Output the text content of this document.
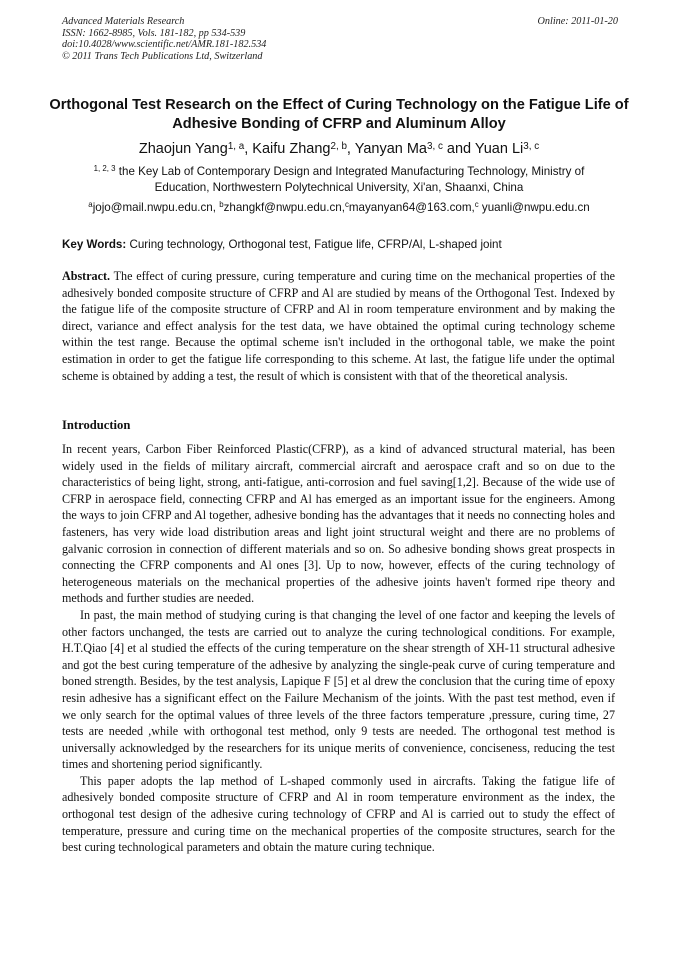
Advanced Materials Research
ISSN: 1662-8985, Vols. 181-182, pp 534-539
doi:10.4028/www.scientific.net/AMR.181-182.534
© 2011 Trans Tech Publications Ltd, Switzerland
Online: 2011-01-20
Orthogonal Test Research on the Effect of Curing Technology on the Fatigue Life of Adhesive Bonding of CFRP and Aluminum Alloy
Zhaojun Yang$^{1, a}$, Kaifu Zhang$^{2, b}$, Yanyan Ma$^{3, c}$ and Yuan Li$^{3, c}$
$^{1, 2, 3}$ the Key Lab of Contemporary Design and Integrated Manufacturing Technology, Ministry of Education, Northwestern Polytechnical University, Xi'an, Shaanxi, China
$^a$jojo@mail.nwpu.edu.cn, $^b$zhangkf@nwpu.edu.cn,$^c$mayanyan64@163.com,$^c$ yuanli@nwpu.edu.cn
Key Words: Curing technology, Orthogonal test, Fatigue life, CFRP/Al, L-shaped joint

Abstract. The effect of curing pressure, curing temperature and curing time on the mechanical properties of the adhesively bonded composite structure of CFRP and Al are studied by means of the Orthogonal Test. Indexed by the fatigue life of the composite structure of CFRP and Al in room temperature environment and by making the direct, variance and effect analysis for the test data, we have obtained the optimal curing technology scheme within the test range. Because the optimal scheme isn't included in the orthogonal table, we make the point estimation in order to get the fatigue life corresponding to this scheme. At last, the fatigue life under the optimal scheme is obtained by adding a test, the result of which is consistent with that of the theoretical analysis.

Introduction

In recent years, Carbon Fiber Reinforced Plastic(CFRP), as a kind of advanced structural material, has been widely used in the fields of military aircraft, commercial aircraft and aerospace craft and so on due to the characteristics of being light, strong, anti-fatigue, anti-corrosion and fuel saving[1,2]. Because of the wide use of CFRP in aerospace field, connecting CFRP and Al has emerged as an important issue for the engineers. Among the ways to join CFRP and Al together, adhesive bonding has the advantages that it needs no connecting holes and fasteners, has very wide load distribution areas and light joint structural weight and there are no problems of galvanic corrosion in connection of different materials and so on. So adhesive bonding shows great prospects in connecting the CFRP components and Al ones [3]. Up to now, however, effects of the curing technology of heterogeneous materials on the mechanical properties of the adhesive joints haven't formed ripe theory and methods and further studies are needed.

In past, the main method of studying curing is that changing the level of one factor and keeping the levels of other factors unchanged, the tests are carried out to analyze the curing technological conditions. For example, H.T.Qiao [4] et al studied the effects of the curing temperature on the shear strength of XH-11 structural adhesive and got the best curing temperature of the adhesive by analyzing the single-peak curve of curing temperature and boned strength. Besides, by the test analysis, Lapique F [5] et al drew the conclusion that the curing time of epoxy resin adhesive has a significant effect on the Failure Mechanism of the joints. With the past test method, even if we only search for the optimal values of three levels of the three factors temperature ,pressure, curing time, 27 tests are needed ,while with orthogonal test method, only 9 tests are needed. The orthogonal test method is universally acknowledged by the researchers for its unique merits of convenience, conciseness, reducing the test times and shortening period significantly.

This paper adopts the lap method of L-shaped commonly used in aircrafts. Taking the fatigue life of adhesively bonded composite structure of CFRP and Al in room temperature environment as the index, the orthogonal test design of the adhesive curing technology of CFRP and Al is carried out to study the effect of temperature, pressure and curing time on the mechanical properties of the composite structures, search for the best curing technological parameters and obtain the mature curing technique.
